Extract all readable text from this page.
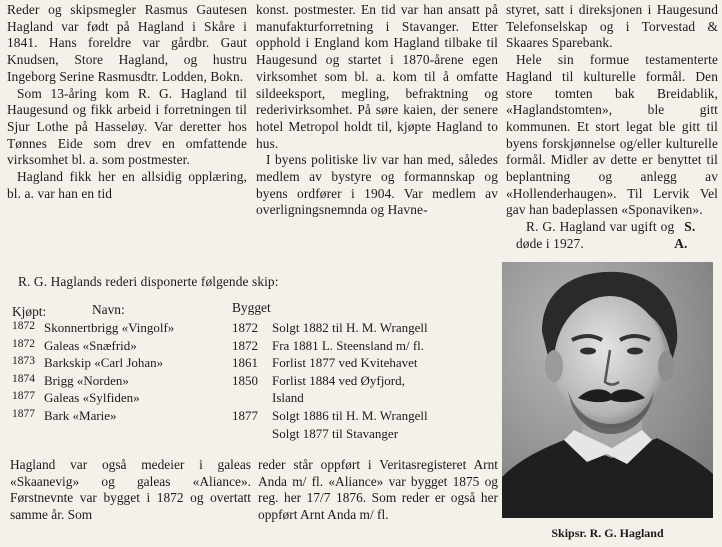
Reder og skipsmegler Rasmus Gautesen Hagland var født på Hagland i Skåre i 1841. Hans foreldre var gårdbr. Gaut Knudsen, Store Hagland, og hustru Ingeborg Serine Rasmusdtr. Lodden, Bokn.

Som 13-åring kom R. G. Hagland til Haugesund og fikk arbeid i forretningen til Sjur Lothe på Hasseløy. Var deretter hos Tønnes Eide som drev en omfattende virksomhet bl. a. som postmester.

Hagland fikk her en allsidig opplæring, bl. a. var han en tid

konst. postmester. En tid var han ansatt på manufakturforretning i Stavanger. Etter opphold i England kom Hagland tilbake til Haugesund og startet i 1870-årene egen virksomhet som bl. a. kom til å omfatte sildeeksport, megling, befraktning og rederivirksomhet. På søre kaien, der senere hotel Metropol holdt til, kjøpte Hagland to hus.

I byens politiske liv var han med, således medlem av bystyre og formannskap og byens ordfører i 1904. Var medlem av overligningsnemnda og Havne-

styret, satt i direksjonen i Haugesund Telefonselskap og i Torvestad & Skaares Sparebank.

Hele sin formue testamenterte Hagland til kulturelle formål. Den store tomten bak Breidablik, «Haglandstomten», ble gitt kommunen. Et stort legat ble gitt til byens forskjønnelse og/eller kulturelle formål. Midler av dette er benyttet til beplantning og anlegg av «Hollenderhaugen». Til Lervik Vel gav han badeplassen «Sponaviken».

R. G. Hagland var ugift og døde i 1927.
S. A.

R. G. Haglands rederi disponerte følgende skip:
Kjøpt:	Navn:	Bygget
1872 Skonnertbrigg «Vingolf»	1872 Solgt 1882 til H. M. Wrangell
1872 Galeas «Snæfrid»	1872 Fra 1881 L. Steensland m/ fl.
1873 Barkskip «Carl Johan»	1861 Forlist 1877 ved Kvitehavet
1874 Brigg «Norden»	1850 Forlist 1884 ved Øyfjord,
1877 Galeas «Sylfiden»	Island
1877 Bark «Marie»	1877 Solgt 1886 til H. M. Wrangell
Solgt 1877 til Stavanger

Hagland var også medeier i galeas «Skaanevig» og galeas «Aliance». Førstnevnte var bygget i 1872 og overtatt samme år. Som

reder står oppført i Veritasregisteret Arnt Anda m/ fl. «Aliance» var bygget 1875 og reg. her 17/7 1876. Som reder er også her oppført Arnt Anda m/ fl.

Skipsr. R. G. Hagland
